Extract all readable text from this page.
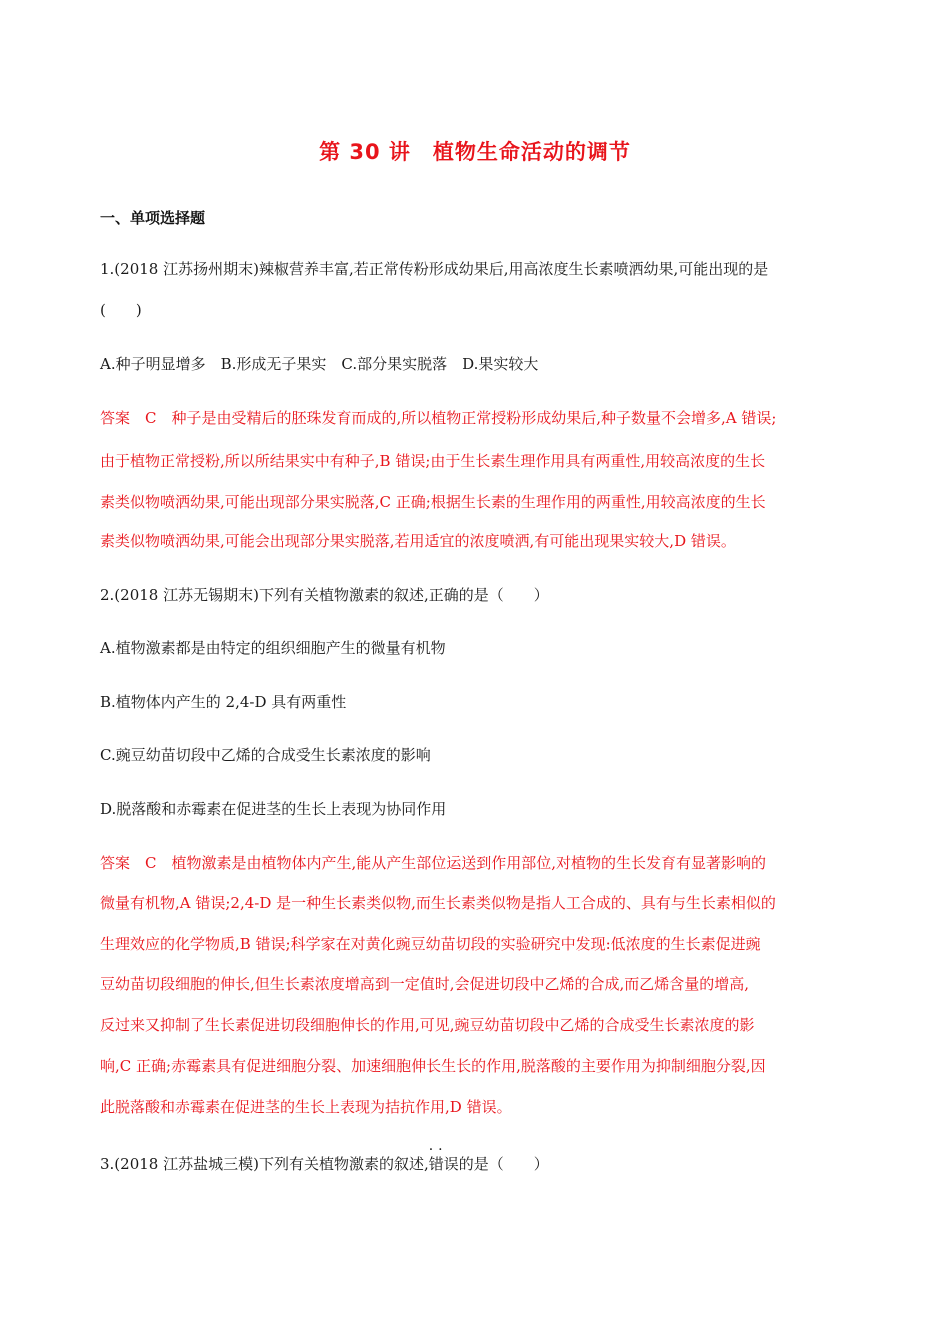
第 30 讲　植物生命活动的调节
一、单项选择题
1.(2018 江苏扬州期末)辣椒营养丰富,若正常传粉形成幼果后,用高浓度生长素喷洒幼果,可能出现的是
(　　)
A.种子明显增多　B.形成无子果实　C.部分果实脱落　D.果实较大
答案　C　种子是由受精后的胚珠发育而成的,所以植物正常授粉形成幼果后,种子数量不会增多,A 错误;
由于植物正常授粉,所以所结果实中有种子,B 错误;由于生长素生理作用具有两重性,用较高浓度的生长
素类似物喷洒幼果,可能出现部分果实脱落,C 正确;根据生长素的生理作用的两重性,用较高浓度的生长
素类似物喷洒幼果,可能会出现部分果实脱落,若用适宜的浓度喷洒,有可能出现果实较大,D 错误。
2.(2018 江苏无锡期末)下列有关植物激素的叙述,正确的是（　　）
A.植物激素都是由特定的组织细胞产生的微量有机物
B.植物体内产生的 2,4-D 具有两重性
C.豌豆幼苗切段中乙烯的合成受生长素浓度的影响
D.脱落酸和赤霉素在促进茎的生长上表现为协同作用
答案　C　植物激素是由植物体内产生,能从产生部位运送到作用部位,对植物的生长发育有显著影响的
微量有机物,A 错误;2,4-D 是一种生长素类似物,而生长素类似物是指人工合成的、具有与生长素相似的
生理效应的化学物质,B 错误;科学家在对黄化豌豆幼苗切段的实验研究中发现:低浓度的生长素促进豌
豆幼苗切段细胞的伸长,但生长素浓度增高到一定值时,会促进切段中乙烯的合成,而乙烯含量的增高,
反过来又抑制了生长素促进切段细胞伸长的作用,可见,豌豆幼苗切段中乙烯的合成受生长素浓度的影
响,C 正确;赤霉素具有促进细胞分裂、加速细胞伸长生长的作用,脱落酸的主要作用为抑制细胞分裂,因
此脱落酸和赤霉素在促进茎的生长上表现为拮抗作用,D 错误。
3.(2018 江苏盐城三模)下列有关植物激素的叙述,· · 错误的是（　　）
